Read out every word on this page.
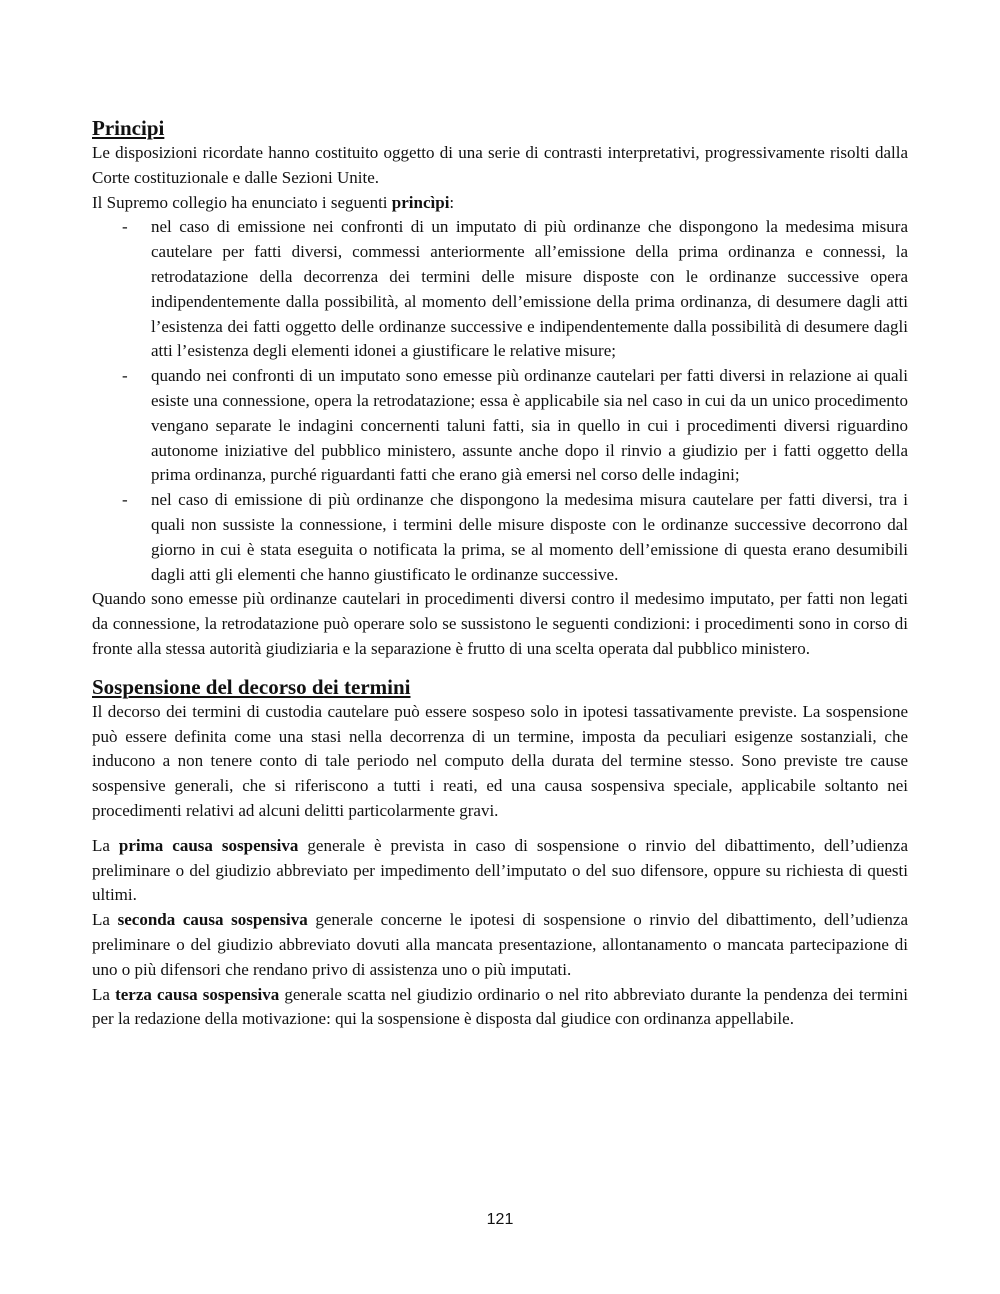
Principi

Le disposizioni ricordate hanno costituito oggetto di una serie di contrasti interpretativi, progressivamente risolti dalla Corte costituzionale e dalle Sezioni Unite.

Il Supremo collegio ha enunciato i seguenti princìpi:

- nel caso di emissione nei confronti di un imputato di più ordinanze che dispongono la medesima misura cautelare per fatti diversi, commessi anteriormente all’emissione della prima ordinanza e connessi, la retrodatazione della decorrenza dei termini delle misure disposte con le ordinanze successive opera indipendentemente dalla possibilità, al momento dell’emissione della prima ordinanza, di desumere dagli atti l’esistenza dei fatti oggetto delle ordinanze successive e indipendentemente dalla possibilità di desumere dagli atti l’esistenza degli elementi idonei a giustificare le relative misure;
- quando nei confronti di un imputato sono emesse più ordinanze cautelari per fatti diversi in relazione ai quali esiste una connessione, opera la retrodatazione; essa è applicabile sia nel caso in cui da un unico procedimento vengano separate le indagini concernenti taluni fatti, sia in quello in cui i procedimenti diversi riguardino autonome iniziative del pubblico ministero, assunte anche dopo il rinvio a giudizio per i fatti oggetto della prima ordinanza, purché riguardanti fatti che erano già emersi nel corso delle indagini;
- nel caso di emissione di più ordinanze che dispongono la medesima misura cautelare per fatti diversi, tra i quali non sussiste la connessione, i termini delle misure disposte con le ordinanze successive decorrono dal giorno in cui è stata eseguita o notificata la prima, se al momento dell’emissione di questa erano desumibili dagli atti gli elementi che hanno giustificato le ordinanze successive.

Quando sono emesse più ordinanze cautelari in procedimenti diversi contro il medesimo imputato, per fatti non legati da connessione, la retrodatazione può operare solo se sussistono le seguenti condizioni: i procedimenti sono in corso di fronte alla stessa autorità giudiziaria e la separazione è frutto di una scelta operata dal pubblico ministero.

Sospensione del decorso dei termini

Il decorso dei termini di custodia cautelare può essere sospeso solo in ipotesi tassativamente previste. La sospensione può essere definita come una stasi nella decorrenza di un termine, imposta da peculiari esigenze sostanziali, che inducono a non tenere conto di tale periodo nel computo della durata del termine stesso. Sono previste tre cause sospensive generali, che si riferiscono a tutti i reati, ed una causa sospensiva speciale, applicabile soltanto nei procedimenti relativi ad alcuni delitti particolarmente gravi.

La prima causa sospensiva generale è prevista in caso di sospensione o rinvio del dibattimento, dell’udienza preliminare o del giudizio abbreviato per impedimento dell’imputato o del suo difensore, oppure su richiesta di questi ultimi.

La seconda causa sospensiva generale concerne le ipotesi di sospensione o rinvio del dibattimento, dell’udienza preliminare o del giudizio abbreviato dovuti alla mancata presentazione, allontanamento o mancata partecipazione di uno o più difensori che rendano privo di assistenza uno o più imputati.

La terza causa sospensiva generale scatta nel giudizio ordinario o nel rito abbreviato durante la pendenza dei termini per la redazione della motivazione: qui la sospensione è disposta dal giudice con ordinanza appellabile.

121
